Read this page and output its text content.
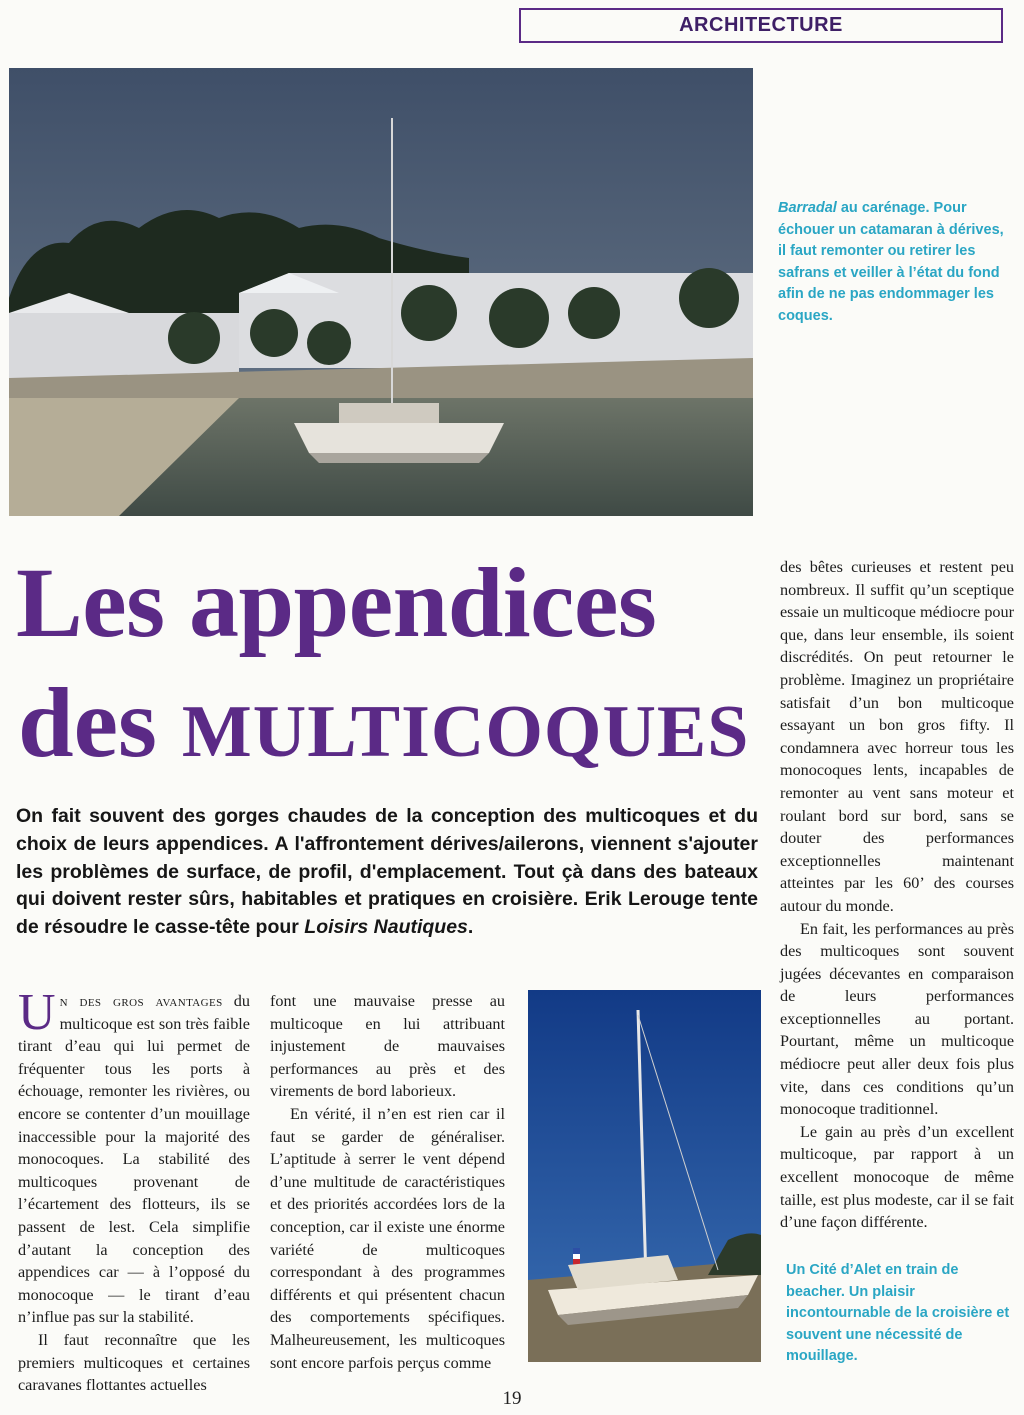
ARCHITECTURE
Barradal au carénage. Pour échouer un catamaran à dérives, il faut remonter ou retirer les safrans et veiller à l’état du fond afin de ne pas endommager les coques.
Les appendices
des MULTICOQUES
On fait souvent des gorges chaudes de la conception des multicoques et du choix de leurs appendices. A l'affrontement dérives/ailerons, viennent s'ajouter les problèmes de surface, de profil, d'emplacement. Tout çà dans des bateaux qui doivent rester sûrs, habitables et pratiques en croisière. Erik Lerouge tente de résoudre le casse-tête pour Loisirs Nautiques.

Un des gros avantages du multicoque est son très faible tirant d’eau qui lui permet de fréquenter tous les ports à échouage, remonter les rivières, ou encore se contenter d’un mouillage inaccessible pour la majorité des monocoques. La stabilité des multicoques provenant de l’écartement des flotteurs, ils se passent de lest. Cela simplifie d’autant la conception des appendices car — à l’opposé du monocoque — le tirant d’eau n’influe pas sur la stabilité.

Il faut reconnaître que les premiers multicoques et certaines caravanes flottantes actuelles

font une mauvaise presse au multicoque en lui attribuant injustement de mauvaises performances au près et des virements de bord laborieux.

En vérité, il n’en est rien car il faut se garder de généraliser. L’aptitude à serrer le vent dépend d’une multitude de caractéristiques et des priorités accordées lors de la conception, car il existe une énorme variété de multicoques correspondant à des programmes différents et qui présentent chacun des comportements spécifiques. Malheureusement, les multicoques sont encore parfois perçus comme

des bêtes curieuses et restent peu nombreux. Il suffit qu’un sceptique essaie un multicoque médiocre pour que, dans leur ensemble, ils soient discrédités. On peut retourner le problème. Imaginez un propriétaire satisfait d’un bon multicoque essayant un bon gros fifty. Il condamnera avec horreur tous les monocoques lents, incapables de remonter au vent sans moteur et roulant bord sur bord, sans se douter des performances exceptionnelles maintenant atteintes par les 60’ des courses autour du monde.

En fait, les performances au près des multicoques sont souvent jugées décevantes en comparaison de leurs performances exceptionnelles au portant. Pourtant, même un multicoque médiocre peut aller deux fois plus vite, dans ces conditions qu’un monocoque traditionnel.

Le gain au près d’un excellent multicoque, par rapport à un excellent monocoque de même taille, est plus modeste, car il se fait d’une façon différente.

Un Cité d’Alet en train de beacher. Un plaisir incontournable de la croisière et souvent une nécessité de mouillage.
19
